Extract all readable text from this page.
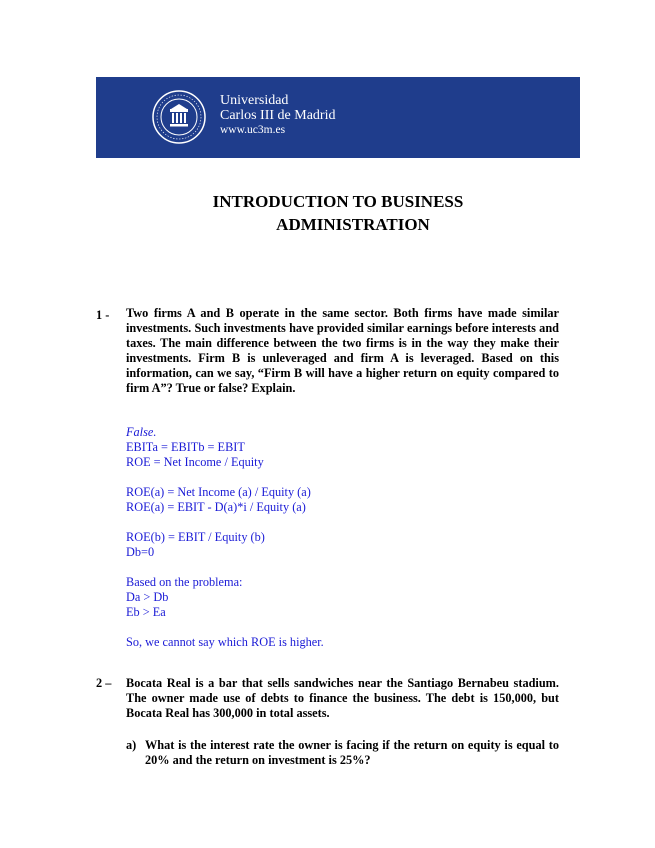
Universidad
Carlos III de Madrid
www.uc3m.es
INTRODUCTION TO BUSINESS
ADMINISTRATION
1 - Two firms A and B operate in the same sector. Both firms have made similar investments. Such investments have provided similar earnings before interests and taxes. The main difference between the two firms is in the way they make their investments. Firm B is unleveraged and firm A is leveraged. Based on this information, can we say, “Firm B will have a higher return on equity compared to firm A”? True or false? Explain.
False.
EBITa = EBITb = EBIT
ROE = Net Income / Equity
ROE(a) = Net Income (a) / Equity (a)
ROE(a) = EBIT - D(a)*i / Equity (a)
ROE(b) = EBIT / Equity (b)
Db=0
Based on the problema:
Da > Db
Eb > Ea
So, we cannot say which ROE is higher.
2 – Bocata Real is a bar that sells sandwiches near the Santiago Bernabeu stadium. The owner made use of debts to finance the business. The debt is 150,000, but Bocata Real has 300,000 in total assets.
a) What is the interest rate the owner is facing if the return on equity is equal to 20% and the return on investment is 25%?
